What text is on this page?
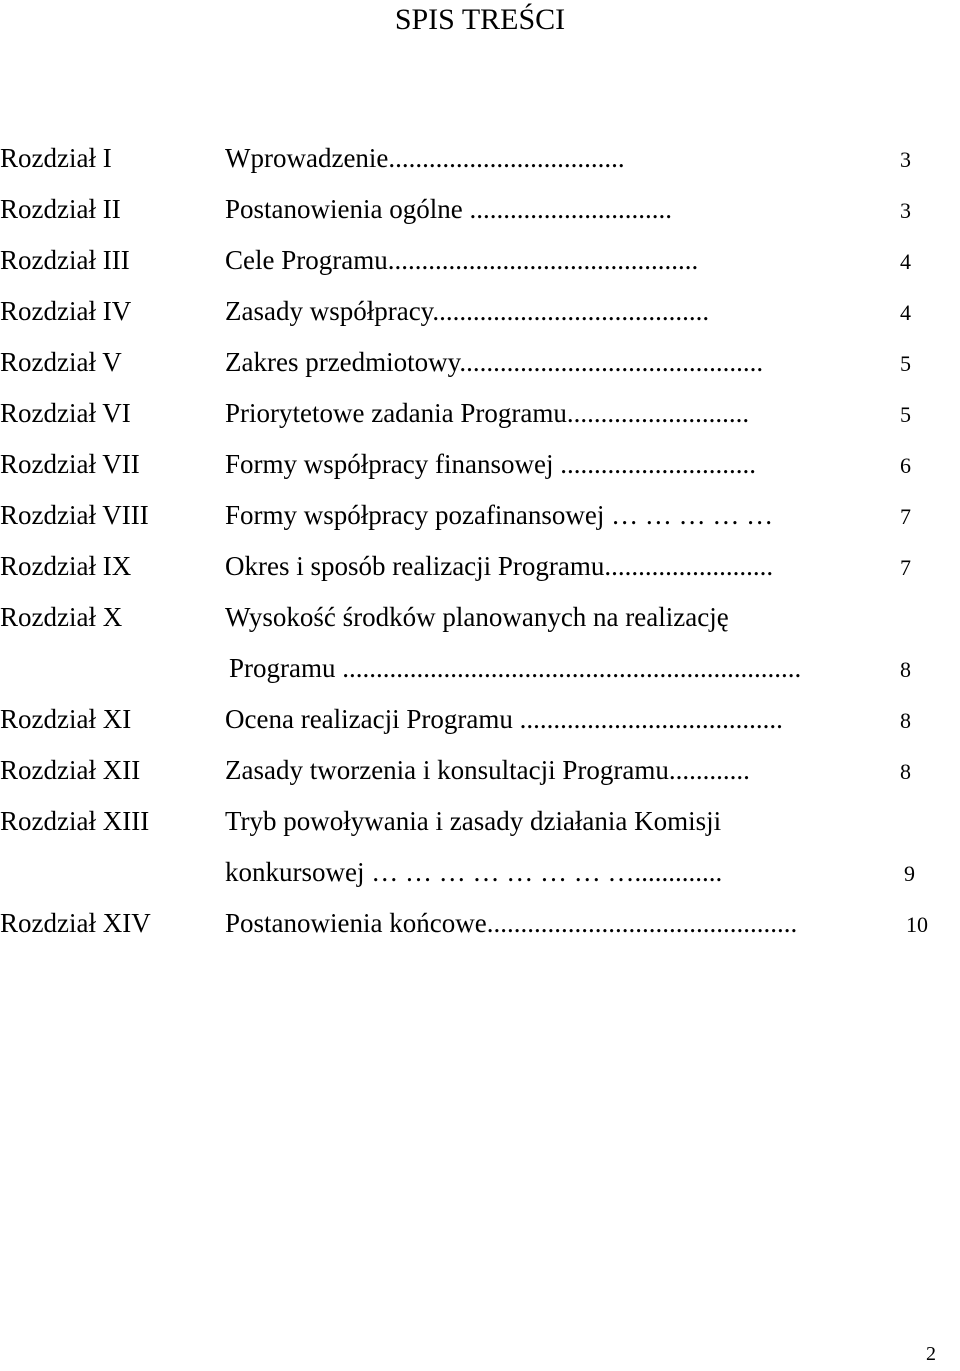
SPIS TREŚCI
Rozdział I	Wprowadzenie...................................	3
Rozdział II	Postanowienia ogólne ..............................	3
Rozdział III	Cele Programu..............................................	4
Rozdział IV	Zasady współpracy.........................................	4
Rozdział V	Zakres przedmiotowy.............................................	5
Rozdział VI	Priorytetowe zadania Programu...........................	5
Rozdział VII	Formy współpracy finansowej .............................	6
Rozdział VIII	Formy współpracy pozafinansowej … … … … …	7
Rozdział IX	Okres i sposób realizacji Programu.........................	7
Rozdział X	Wysokość środków planowanych na realizację
Programu ....................................................................	8
Rozdział XI	Ocena realizacji Programu .......................................	8
Rozdział XII	Zasady tworzenia i konsultacji Programu............	8
Rozdział XIII	Tryb powoływania i zasady działania Komisji
konkursowej … … … … … … … ….............	9
Rozdział XIV	Postanowienia końcowe..............................................	10
2
